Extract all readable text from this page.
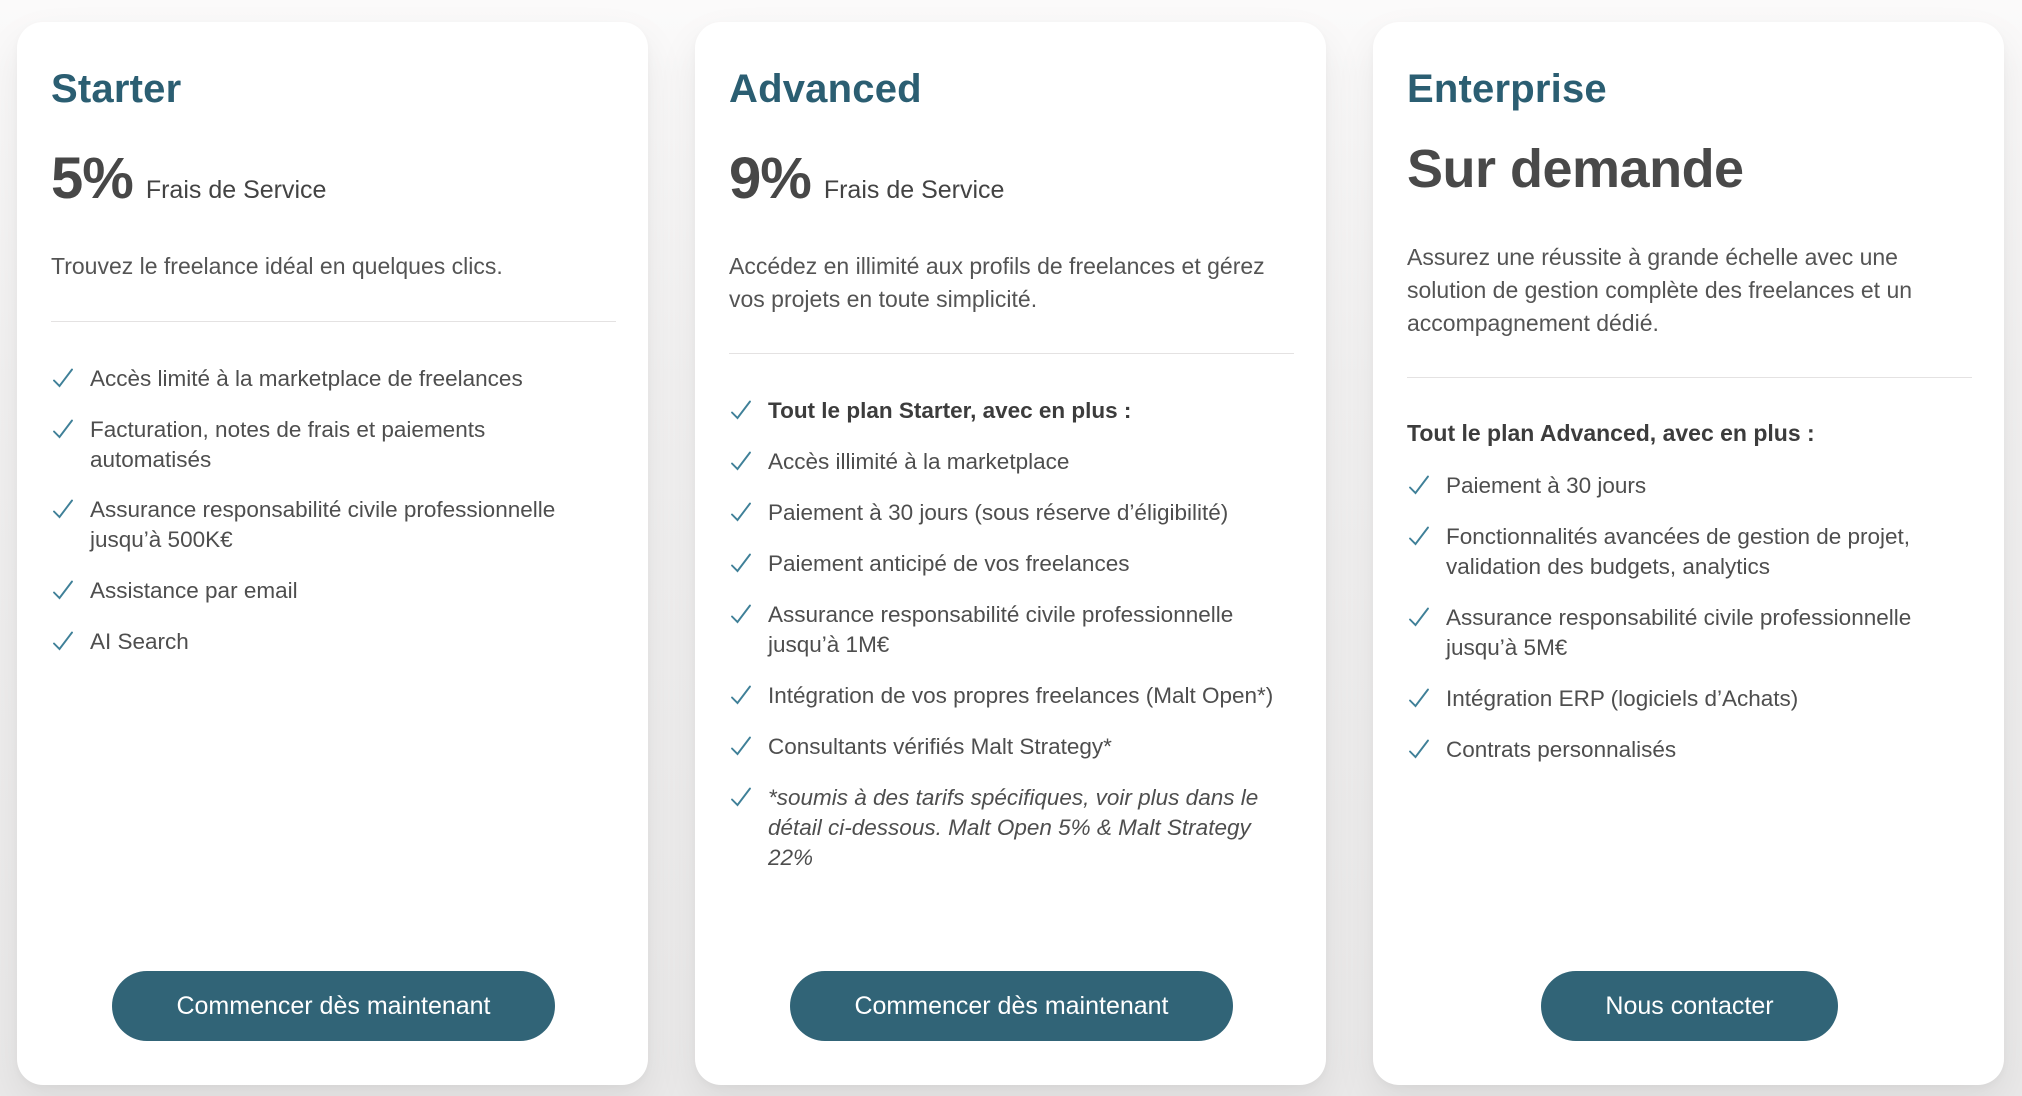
Starter
5% Frais de Service

Trouvez le freelance idéal en quelques clics.

Accès limité à la marketplace de freelances
Facturation, notes de frais et paiements automatisés
Assurance responsabilité civile professionnelle jusqu’à 500K€
Assistance par email
AI Search
Commencer dès maintenant
Advanced
9% Frais de Service

Accédez en illimité aux profils de freelances et gérez vos projets en toute simplicité.

Tout le plan Starter, avec en plus :
Accès illimité à la marketplace
Paiement à 30 jours (sous réserve d’éligibilité)
Paiement anticipé de vos freelances
Assurance responsabilité civile professionnelle jusqu’à 1M€
Intégration de vos propres freelances (Malt Open*)
Consultants vérifiés Malt Strategy*
*soumis à des tarifs spécifiques, voir plus dans le détail ci-dessous. Malt Open 5% & Malt Strategy 22%
Commencer dès maintenant
Enterprise
Sur demande

Assurez une réussite à grande échelle avec une solution de gestion complète des freelances et un accompagnement dédié.

Tout le plan Advanced, avec en plus :
Paiement à 30 jours
Fonctionnalités avancées de gestion de projet, validation des budgets, analytics
Assurance responsabilité civile professionnelle jusqu’à 5M€
Intégration ERP (logiciels d’Achats)
Contrats personnalisés
Nous contacter
